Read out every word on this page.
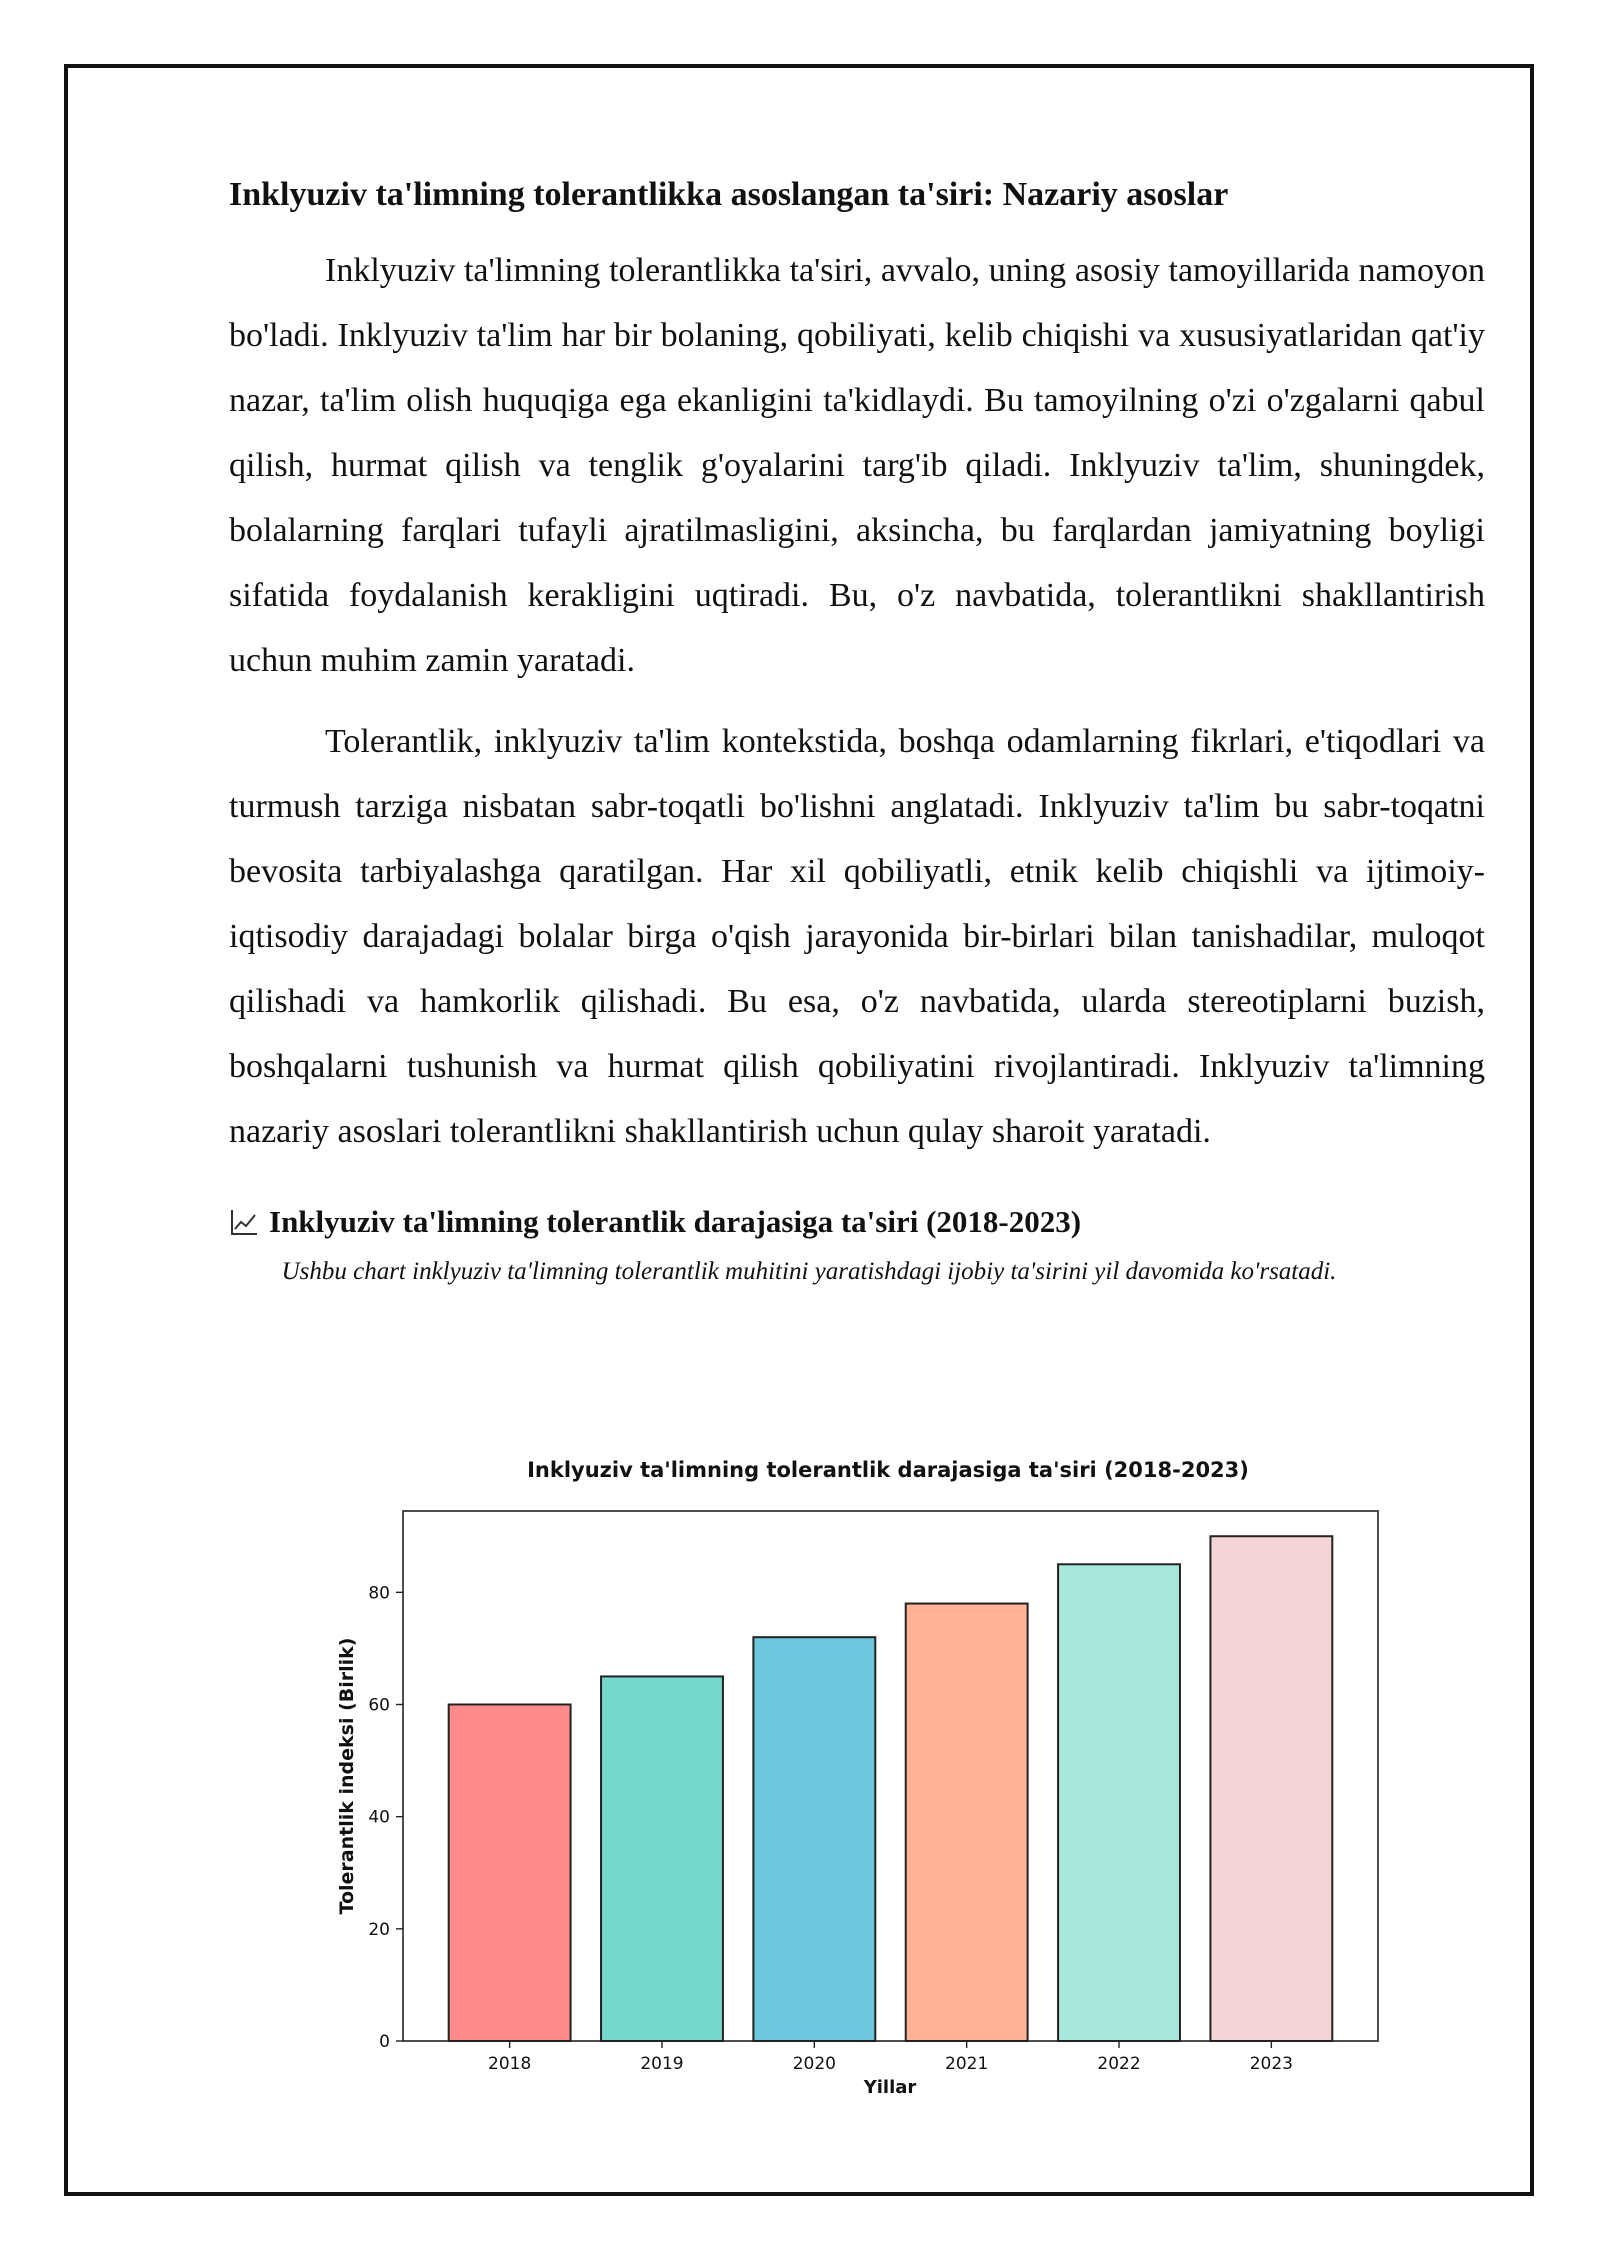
Inklyuziv ta'limning tolerantlikka asoslangan ta'siri: Nazariy asoslar

Inklyuziv ta'limning tolerantlikka ta'siri, avvalo, uning asosiy tamoyillarida namoyon bo'ladi. Inklyuziv ta'lim har bir bolaning, qobiliyati, kelib chiqishi va xususiyatlaridan qat'iy nazar, ta'lim olish huquqiga ega ekanligini ta'kidlaydi. Bu tamoyilning o'zi o'zgalarni qabul qilish, hurmat qilish va tenglik g'oyalarini targ'ib qiladi. Inklyuziv ta'lim, shuningdek, bolalarning farqlari tufayli ajratilmasligini, aksincha, bu farqlardan jamiyatning boyligi sifatida foydalanish kerakligini uqtiradi. Bu, o'z navbatida, tolerantlikni shakllantirish uchun muhim zamin yaratadi.

Tolerantlik, inklyuziv ta'lim kontekstida, boshqa odamlarning fikrlari, e'tiqodlari va turmush tarziga nisbatan sabr-toqatli bo'lishni anglatadi. Inklyuziv ta'lim bu sabr-toqatni bevosita tarbiyalashga qaratilgan. Har xil qobiliyatli, etnik kelib chiqishli va ijtimoiy-iqtisodiy darajadagi bolalar birga o'qish jarayonida bir-birlari bilan tanishadilar, muloqot qilishadi va hamkorlik qilishadi. Bu esa, o'z navbatida, ularda stereotiplarni buzish, boshqalarni tushunish va hurmat qilish qobiliyatini rivojlantiradi. Inklyuziv ta'limning nazariy asoslari tolerantlikni shakllantirish uchun qulay sharoit yaratadi.

Inklyuziv ta'limning tolerantlik darajasiga ta'siri (2018-2023)
Ushbu chart inklyuziv ta'limning tolerantlik muhitini yaratishdagi ijobiy ta'sirini yil davomida ko'rsatadi.
Inklyuziv ta'limning tolerantlik darajasiga ta'siri (2018-2023)
2018	2019	2020	2021	2022	2023
0
20
40
60
80
Yillar
Tolerantlik indeksi (Birlik)
